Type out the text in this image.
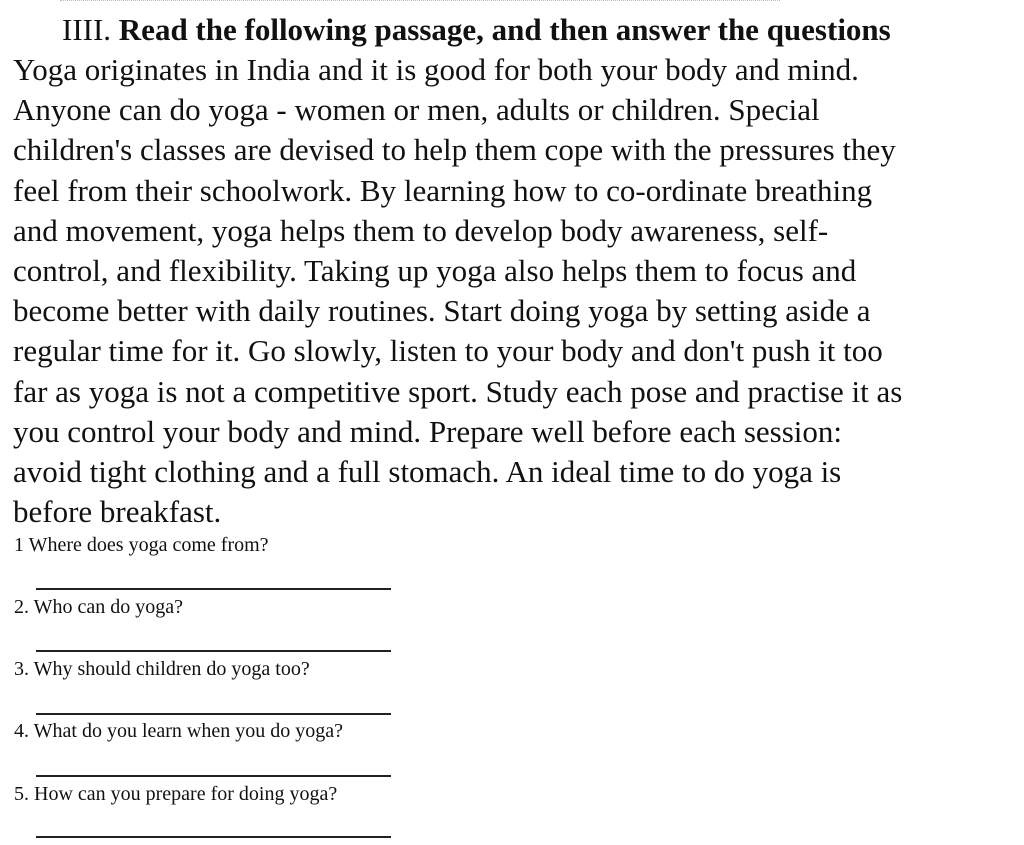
IIII. Read the following passage, and then answer the questions
Yoga originates in India and it is good for both your body and mind.
Anyone can do yoga - women or men, adults or children. Special
children's classes are devised to help them cope with the pressures they
feel from their schoolwork. By learning how to co-ordinate breathing
and movement, yoga helps them to develop body awareness, self-
control, and flexibility. Taking up yoga also helps them to focus and
become better with daily routines. Start doing yoga by setting aside a
regular time for it. Go slowly, listen to your body and don't push it too
far as yoga is not a competitive sport. Study each pose and practise it as
you control your body and mind. Prepare well before each session:
avoid tight clothing and a full stomach. An ideal time to do yoga is
before breakfast.
1 Where does yoga come from?
2. Who can do yoga?
3. Why should children do yoga too?
4. What do you learn when you do yoga?
5. How can you prepare for doing yoga?
